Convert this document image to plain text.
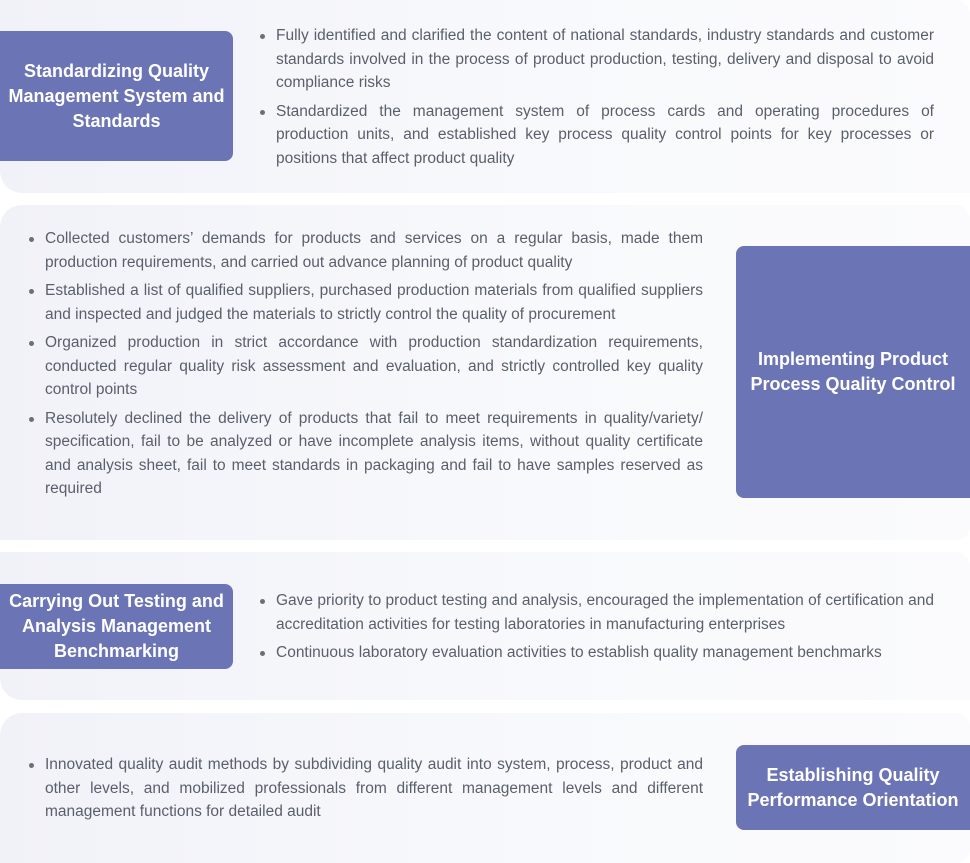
Standardizing Quality Management System and Standards
Fully identified and clarified the content of national standards, industry standards and customer standards involved in the process of product production, testing, delivery and disposal to avoid compliance risks
Standardized the management system of process cards and operating procedures of production units, and established key process quality control points for key processes or positions that affect product quality
Implementing Product Process Quality Control
Collected customers’ demands for products and services on a regular basis, made them production requirements, and carried out advance planning of product quality
Established a list of qualified suppliers, purchased production materials from qualified suppliers and inspected and judged the materials to strictly control the quality of procurement
Organized production in strict accordance with production standardization requirements, conducted regular quality risk assessment and evaluation, and strictly controlled key quality control points
Resolutely declined the delivery of products that fail to meet requirements in quality/variety/ specification, fail to be analyzed or have incomplete analysis items, without quality certificate and analysis sheet, fail to meet standards in packaging and fail to have samples reserved as required
Carrying Out Testing and Analysis Management Benchmarking
Gave priority to product testing and analysis, encouraged the implementation of certification and accreditation activities for testing laboratories in manufacturing enterprises
Continuous laboratory evaluation activities to establish quality management benchmarks
Establishing Quality Performance Orientation
Innovated quality audit methods by subdividing quality audit into system, process, product and other levels, and mobilized professionals from different management levels and different management functions for detailed audit
